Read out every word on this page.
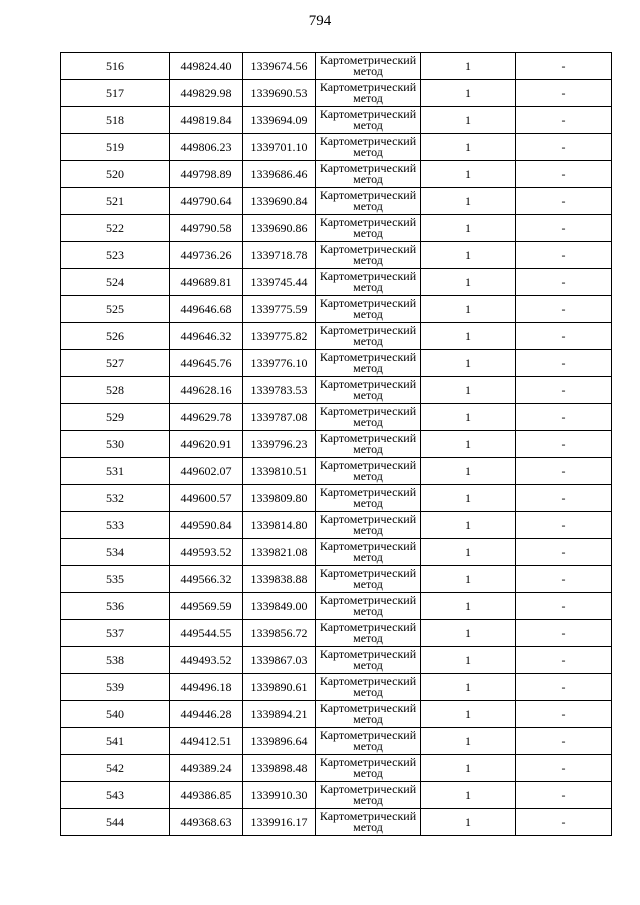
794
516	449824.40	1339674.56	Картометрический
метод	1	-
517	449829.98	1339690.53	Картометрический
метод	1	-
518	449819.84	1339694.09	Картометрический
метод	1	-
519	449806.23	1339701.10	Картометрический
метод	1	-
520	449798.89	1339686.46	Картометрический
метод	1	-
521	449790.64	1339690.84	Картометрический
метод	1	-
522	449790.58	1339690.86	Картометрический
метод	1	-
523	449736.26	1339718.78	Картометрический
метод	1	-
524	449689.81	1339745.44	Картометрический
метод	1	-
525	449646.68	1339775.59	Картометрический
метод	1	-
526	449646.32	1339775.82	Картометрический
метод	1	-
527	449645.76	1339776.10	Картометрический
метод	1	-
528	449628.16	1339783.53	Картометрический
метод	1	-
529	449629.78	1339787.08	Картометрический
метод	1	-
530	449620.91	1339796.23	Картометрический
метод	1	-
531	449602.07	1339810.51	Картометрический
метод	1	-
532	449600.57	1339809.80	Картометрический
метод	1	-
533	449590.84	1339814.80	Картометрический
метод	1	-
534	449593.52	1339821.08	Картометрический
метод	1	-
535	449566.32	1339838.88	Картометрический
метод	1	-
536	449569.59	1339849.00	Картометрический
метод	1	-
537	449544.55	1339856.72	Картометрический
метод	1	-
538	449493.52	1339867.03	Картометрический
метод	1	-
539	449496.18	1339890.61	Картометрический
метод	1	-
540	449446.28	1339894.21	Картометрический
метод	1	-
541	449412.51	1339896.64	Картометрический
метод	1	-
542	449389.24	1339898.48	Картометрический
метод	1	-
543	449386.85	1339910.30	Картометрический
метод	1	-
544	449368.63	1339916.17	Картометрический
метод	1	-
